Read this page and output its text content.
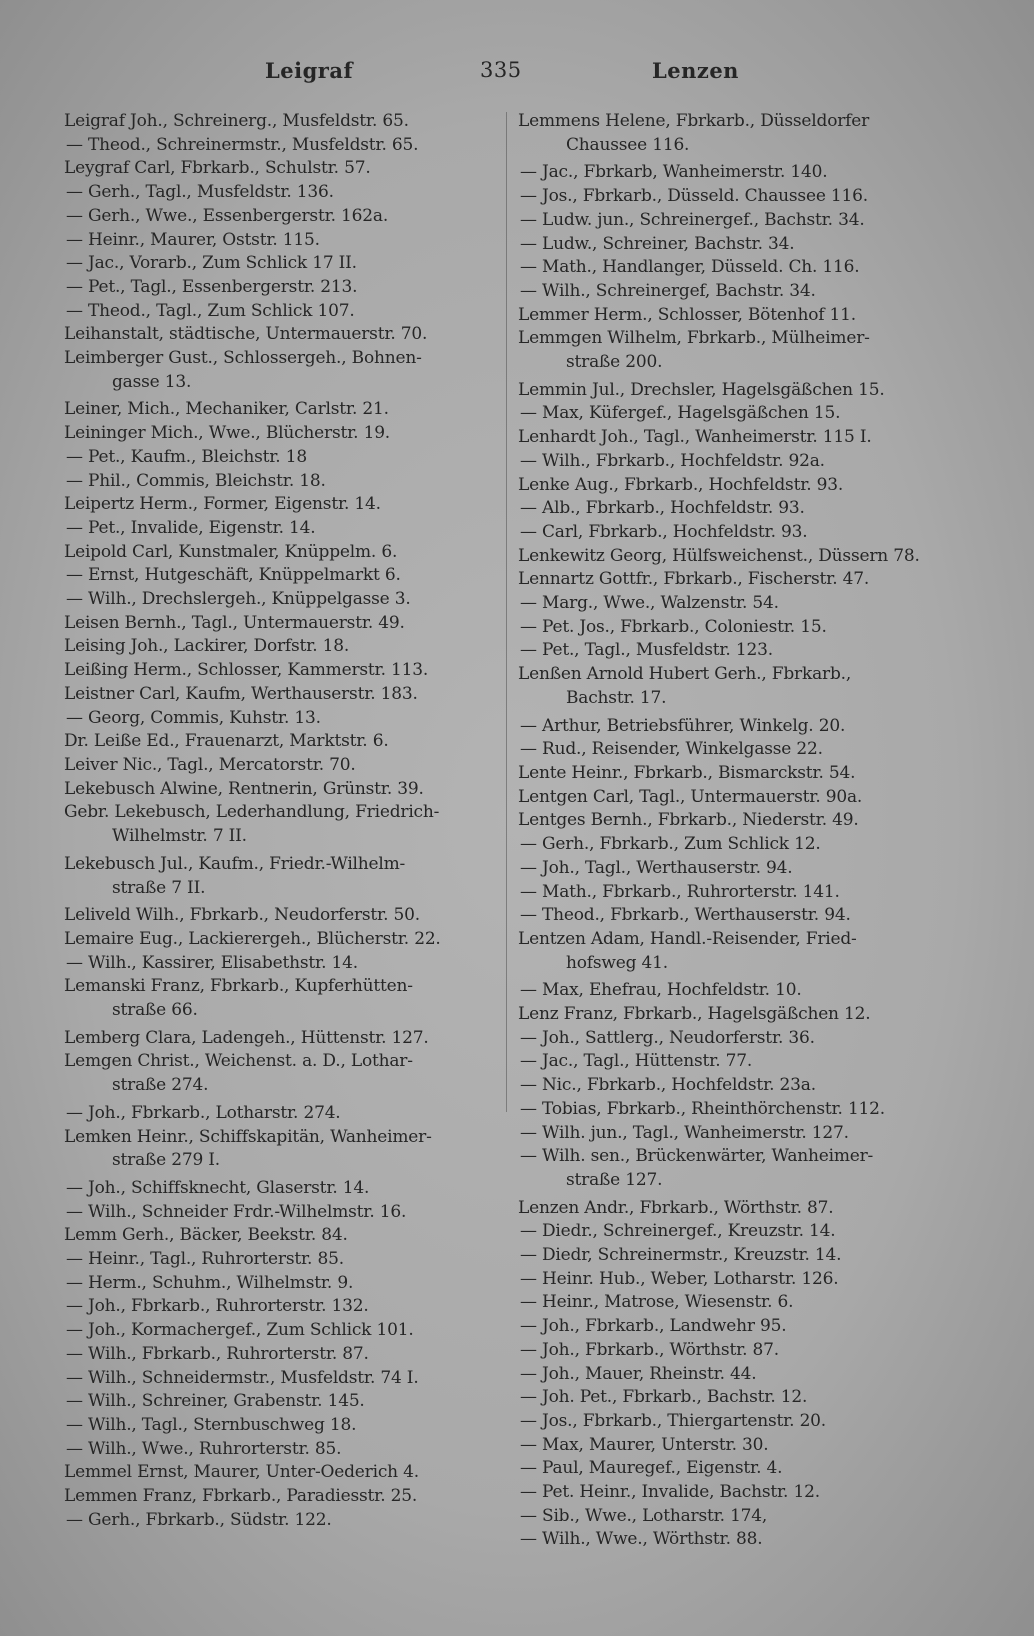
Leigraf	335	Lenzen
Leigraf Joh., Schreinerg., Musfeldstr. 65.
— Theod., Schreinermstr., Musfeldstr. 65.
Leygraf Carl, Fbrkarb., Schulstr. 57.
— Gerh., Tagl., Musfeldstr. 136.
— Gerh., Wwe., Essenbergerstr. 162a.
— Heinr., Maurer, Oststr. 115.
— Jac., Vorarb., Zum Schlick 17 II.
— Pet., Tagl., Essenbergerstr. 213.
— Theod., Tagl., Zum Schlick 107.
Leihanstalt, städtische, Untermauerstr. 70.
Leimberger Gust., Schlossergeh., Bohnen-
gasse 13.
Leiner, Mich., Mechaniker, Carlstr. 21.
Leininger Mich., Wwe., Blücherstr. 19.
— Pet., Kaufm., Bleichstr. 18
— Phil., Commis, Bleichstr. 18.
Leipertz Herm., Former, Eigenstr. 14.
— Pet., Invalide, Eigenstr. 14.
Leipold Carl, Kunstmaler, Knüppelm. 6.
— Ernst, Hutgeschäft, Knüppelmarkt 6.
— Wilh., Drechslergeh., Knüppelgasse 3.
Leisen Bernh., Tagl., Untermauerstr. 49.
Leising Joh., Lackirer, Dorfstr. 18.
Leißing Herm., Schlosser, Kammerstr. 113.
Leistner Carl, Kaufm, Werthauserstr. 183.
— Georg, Commis, Kuhstr. 13.
Dr. Leiße Ed., Frauenarzt, Marktstr. 6.
Leiver Nic., Tagl., Mercatorstr. 70.
Lekebusch Alwine, Rentnerin, Grünstr. 39.
Gebr. Lekebusch, Lederhandlung, Friedrich-
Wilhelmstr. 7 II.
Lekebusch Jul., Kaufm., Friedr.-Wilhelm-
straße 7 II.
Leliveld Wilh., Fbrkarb., Neudorferstr. 50.
Lemaire Eug., Lackierergeh., Blücherstr. 22.
— Wilh., Kassirer, Elisabethstr. 14.
Lemanski Franz, Fbrkarb., Kupferhütten-
straße 66.
Lemberg Clara, Ladengeh., Hüttenstr. 127.
Lemgen Christ., Weichenst. a. D., Lothar-
straße 274.
— Joh., Fbrkarb., Lotharstr. 274.
Lemken Heinr., Schiffskapitän, Wanheimer-
straße 279 I.
— Joh., Schiffsknecht, Glaserstr. 14.
— Wilh., Schneider Frdr.-Wilhelmstr. 16.
Lemm Gerh., Bäcker, Beekstr. 84.
— Heinr., Tagl., Ruhrorterstr. 85.
— Herm., Schuhm., Wilhelmstr. 9.
— Joh., Fbrkarb., Ruhrorterstr. 132.
— Joh., Kormachergef., Zum Schlick 101.
— Wilh., Fbrkarb., Ruhrorterstr. 87.
— Wilh., Schneidermstr., Musfeldstr. 74 I.
— Wilh., Schreiner, Grabenstr. 145.
— Wilh., Tagl., Sternbuschweg 18.
— Wilh., Wwe., Ruhrorterstr. 85.
Lemmel Ernst, Maurer, Unter-Oederich 4.
Lemmen Franz, Fbrkarb., Paradiesstr. 25.
— Gerh., Fbrkarb., Südstr. 122.
Lemmens Helene, Fbrkarb., Düsseldorfer
Chaussee 116.
— Jac., Fbrkarb, Wanheimerstr. 140.
— Jos., Fbrkarb., Düsseld. Chaussee 116.
— Ludw. jun., Schreinergef., Bachstr. 34.
— Ludw., Schreiner, Bachstr. 34.
— Math., Handlanger, Düsseld. Ch. 116.
— Wilh., Schreinergef, Bachstr. 34.
Lemmer Herm., Schlosser, Bötenhof 11.
Lemmgen Wilhelm, Fbrkarb., Mülheimer-
straße 200.
Lemmin Jul., Drechsler, Hagelsgäßchen 15.
— Max, Küfergef., Hagelsgäßchen 15.
Lenhardt Joh., Tagl., Wanheimerstr. 115 I.
— Wilh., Fbrkarb., Hochfeldstr. 92a.
Lenke Aug., Fbrkarb., Hochfeldstr. 93.
— Alb., Fbrkarb., Hochfeldstr. 93.
— Carl, Fbrkarb., Hochfeldstr. 93.
Lenkewitz Georg, Hülfsweichenst., Düssern 78.
Lennartz Gottfr., Fbrkarb., Fischerstr. 47.
— Marg., Wwe., Walzenstr. 54.
— Pet. Jos., Fbrkarb., Coloniestr. 15.
— Pet., Tagl., Musfeldstr. 123.
Lenßen Arnold Hubert Gerh., Fbrkarb.,
Bachstr. 17.
— Arthur, Betriebsführer, Winkelg. 20.
— Rud., Reisender, Winkelgasse 22.
Lente Heinr., Fbrkarb., Bismarckstr. 54.
Lentgen Carl, Tagl., Untermauerstr. 90a.
Lentges Bernh., Fbrkarb., Niederstr. 49.
— Gerh., Fbrkarb., Zum Schlick 12.
— Joh., Tagl., Werthauserstr. 94.
— Math., Fbrkarb., Ruhrorterstr. 141.
— Theod., Fbrkarb., Werthauserstr. 94.
Lentzen Adam, Handl.-Reisender, Fried-
hofsweg 41.
— Max, Ehefrau, Hochfeldstr. 10.
Lenz Franz, Fbrkarb., Hagelsgäßchen 12.
— Joh., Sattlerg., Neudorferstr. 36.
— Jac., Tagl., Hüttenstr. 77.
— Nic., Fbrkarb., Hochfeldstr. 23a.
— Tobias, Fbrkarb., Rheinthörchenstr. 112.
— Wilh. jun., Tagl., Wanheimerstr. 127.
— Wilh. sen., Brückenwärter, Wanheimer-
straße 127.
Lenzen Andr., Fbrkarb., Wörthstr. 87.
— Diedr., Schreinergef., Kreuzstr. 14.
— Diedr, Schreinermstr., Kreuzstr. 14.
— Heinr. Hub., Weber, Lotharstr. 126.
— Heinr., Matrose, Wiesenstr. 6.
— Joh., Fbrkarb., Landwehr 95.
— Joh., Fbrkarb., Wörthstr. 87.
— Joh., Mauer, Rheinstr. 44.
— Joh. Pet., Fbrkarb., Bachstr. 12.
— Jos., Fbrkarb., Thiergartenstr. 20.
— Max, Maurer, Unterstr. 30.
— Paul, Mauregef., Eigenstr. 4.
— Pet. Heinr., Invalide, Bachstr. 12.
— Sib., Wwe., Lotharstr. 174,
— Wilh., Wwe., Wörthstr. 88.
